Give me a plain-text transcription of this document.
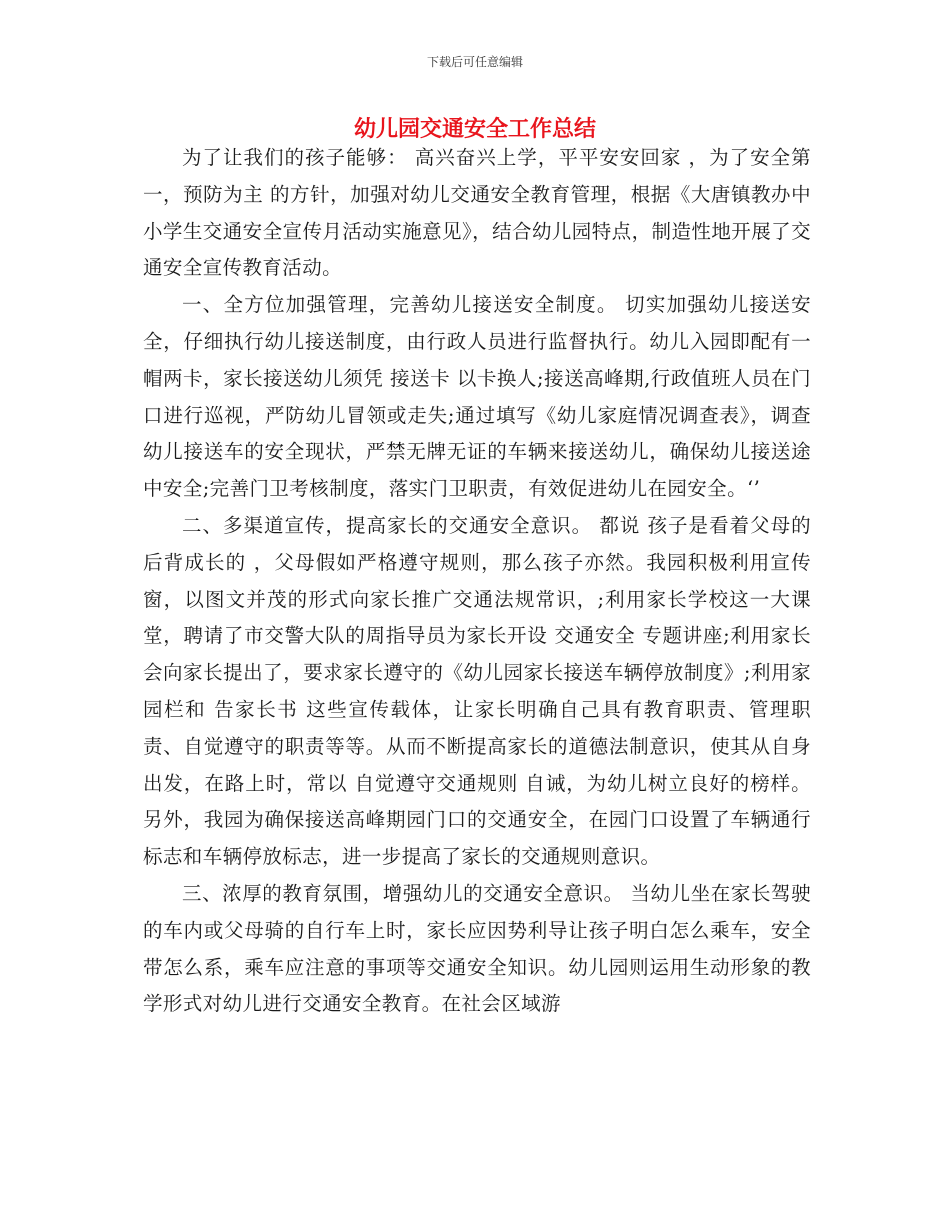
下载后可任意编辑
幼儿园交通安全工作总结

为了让我们的孩子能够： 高兴奋兴上学，平平安安回家 ，为了安全第一，预防为主 的方针，加强对幼儿交通安全教育管理，根据《大唐镇教办中小学生交通安全宣传月活动实施意见》，结合幼儿园特点，制造性地开展了交通安全宣传教育活动。

一、全方位加强管理，完善幼儿接送安全制度。 切实加强幼儿接送安全，仔细执行幼儿接送制度，由行政人员进行监督执行。幼儿入园即配有一帽两卡，家长接送幼儿须凭 接送卡 以卡换人;接送高峰期,行政值班人员在门口进行巡视，严防幼儿冒领或走失;通过填写《幼儿家庭情况调查表》，调查幼儿接送车的安全现状，严禁无牌无证的车辆来接送幼儿，确保幼儿接送途中安全;完善门卫考核制度，落实门卫职责，有效促进幼儿在园安全。‘’

二、多渠道宣传，提高家长的交通安全意识。 都说 孩子是看着父母的后背成长的 ，父母假如严格遵守规则，那么孩子亦然。我园积极利用宣传窗，以图文并茂的形式向家长推广交通法规常识，;利用家长学校这一大课堂，聘请了市交警大队的周指导员为家长开设 交通安全 专题讲座;利用家长会向家长提出了，要求家长遵守的《幼儿园家长接送车辆停放制度》;利用家园栏和 告家长书 这些宣传载体，让家长明确自己具有教育职责、管理职责、自觉遵守的职责等等。从而不断提高家长的道德法制意识，使其从自身出发，在路上时，常以 自觉遵守交通规则 自诫，为幼儿树立良好的榜样。另外，我园为确保接送高峰期园门口的交通安全，在园门口设置了车辆通行标志和车辆停放标志，进一步提高了家长的交通规则意识。

三、浓厚的教育氛围，增强幼儿的交通安全意识。 当幼儿坐在家长驾驶的车内或父母骑的自行车上时，家长应因势利导让孩子明白怎么乘车，安全带怎么系，乘车应注意的事项等交通安全知识。幼儿园则运用生动形象的教学形式对幼儿进行交通安全教育。在社会区域游
